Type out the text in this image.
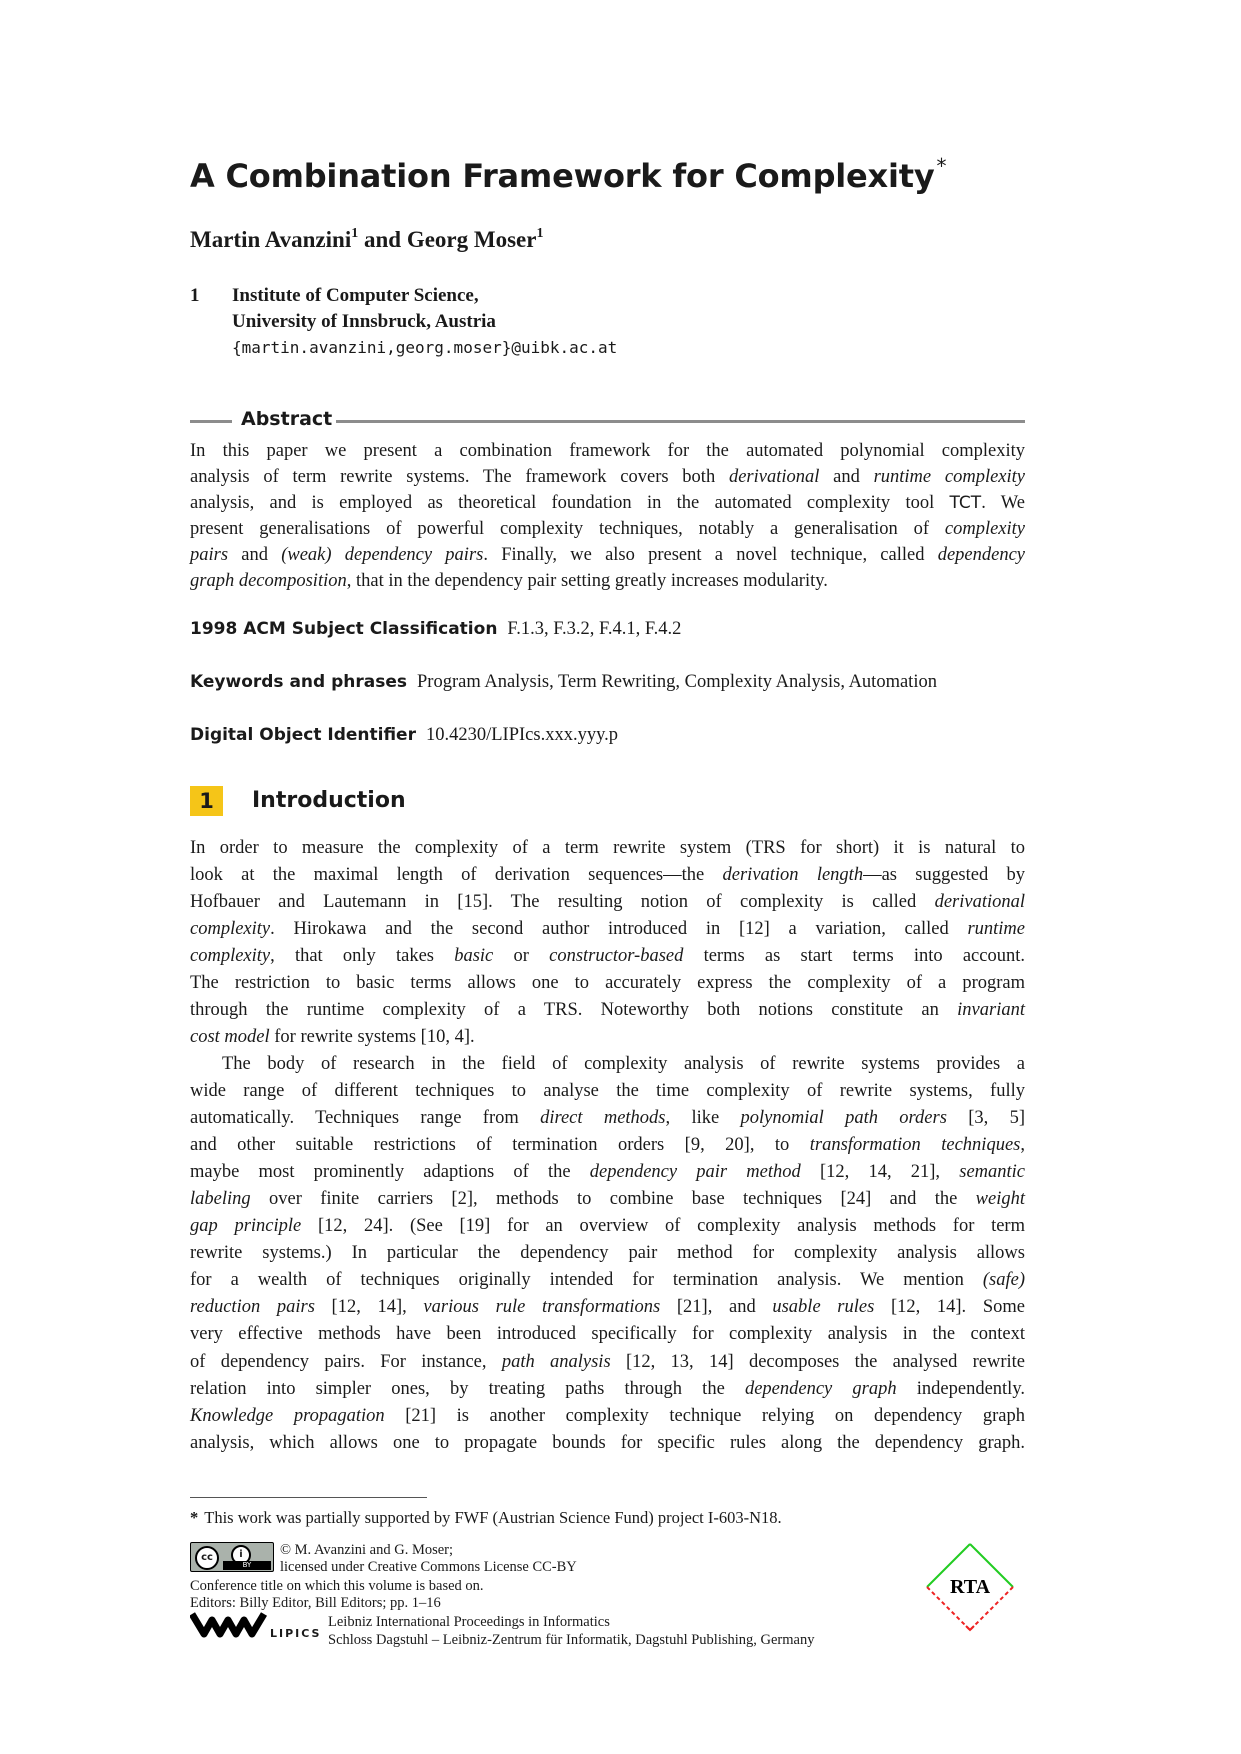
A Combination Framework for Complexity *
Martin Avanzini$^1$ and Georg Moser$^1$
1 Institute of Computer Science,
University of Innsbruck, Austria
{martin.avanzini,georg.moser}@uibk.ac.at
Abstract
In this paper we present a combination framework for the automated polynomial complexity
analysis of term rewrite systems. The framework covers both derivational and runtime complexity
analysis, and is employed as theoretical foundation in the automated complexity tool TCT. We
present generalisations of powerful complexity techniques, notably a generalisation of complexity
pairs and (weak) dependency pairs. Finally, we also present a novel technique, called dependency
graph decomposition, that in the dependency pair setting greatly increases modularity.
1998 ACM Subject Classification F.1.3, F.3.2, F.4.1, F.4.2
Keywords and phrases Program Analysis, Term Rewriting, Complexity Analysis, Automation
Digital Object Identifier 10.4230/LIPIcs.xxx.yyy.p
1	Introduction
In order to measure the complexity of a term rewrite system (TRS for short) it is natural to
look at the maximal length of derivation sequences—the derivation length—as suggested by
Hofbauer and Lautemann in [15]. The resulting notion of complexity is called derivational
complexity. Hirokawa and the second author introduced in [12] a variation, called runtime
complexity, that only takes basic or constructor-based terms as start terms into account.
The restriction to basic terms allows one to accurately express the complexity of a program
through the runtime complexity of a TRS. Noteworthy both notions constitute an invariant
cost model for rewrite systems [10, 4].
The body of research in the field of complexity analysis of rewrite systems provides a
wide range of different techniques to analyse the time complexity of rewrite systems, fully
automatically. Techniques range from direct methods, like polynomial path orders [3, 5]
and other suitable restrictions of termination orders [9, 20], to transformation techniques,
maybe most prominently adaptions of the dependency pair method [12, 14, 21], semantic
labeling over finite carriers [2], methods to combine base techniques [24] and the weight
gap principle [12, 24]. (See [19] for an overview of complexity analysis methods for term
rewrite systems.) In particular the dependency pair method for complexity analysis allows
for a wealth of techniques originally intended for termination analysis. We mention (safe)
reduction pairs [12, 14], various rule transformations [21], and usable rules [12, 14]. Some
very effective methods have been introduced specifically for complexity analysis in the context
of dependency pairs. For instance, path analysis [12, 13, 14] decomposes the analysed rewrite
relation into simpler ones, by treating paths through the dependency graph independently.
Knowledge propagation [21] is another complexity technique relying on dependency graph
analysis, which allows one to propagate bounds for specific rules along the dependency graph.
* This work was partially supported by FWF (Austrian Science Fund) project I-603-N18.
cc	i
BY
© M. Avanzini and G. Moser;
licensed under Creative Commons License CC-BY
Conference title on which this volume is based on.
Editors: Billy Editor, Bill Editors; pp. 1–16
Leibniz International Proceedings in Informatics
Schloss Dagstuhl – Leibniz-Zentrum für Informatik, Dagstuhl Publishing, Germany
LIPICS
RTA
